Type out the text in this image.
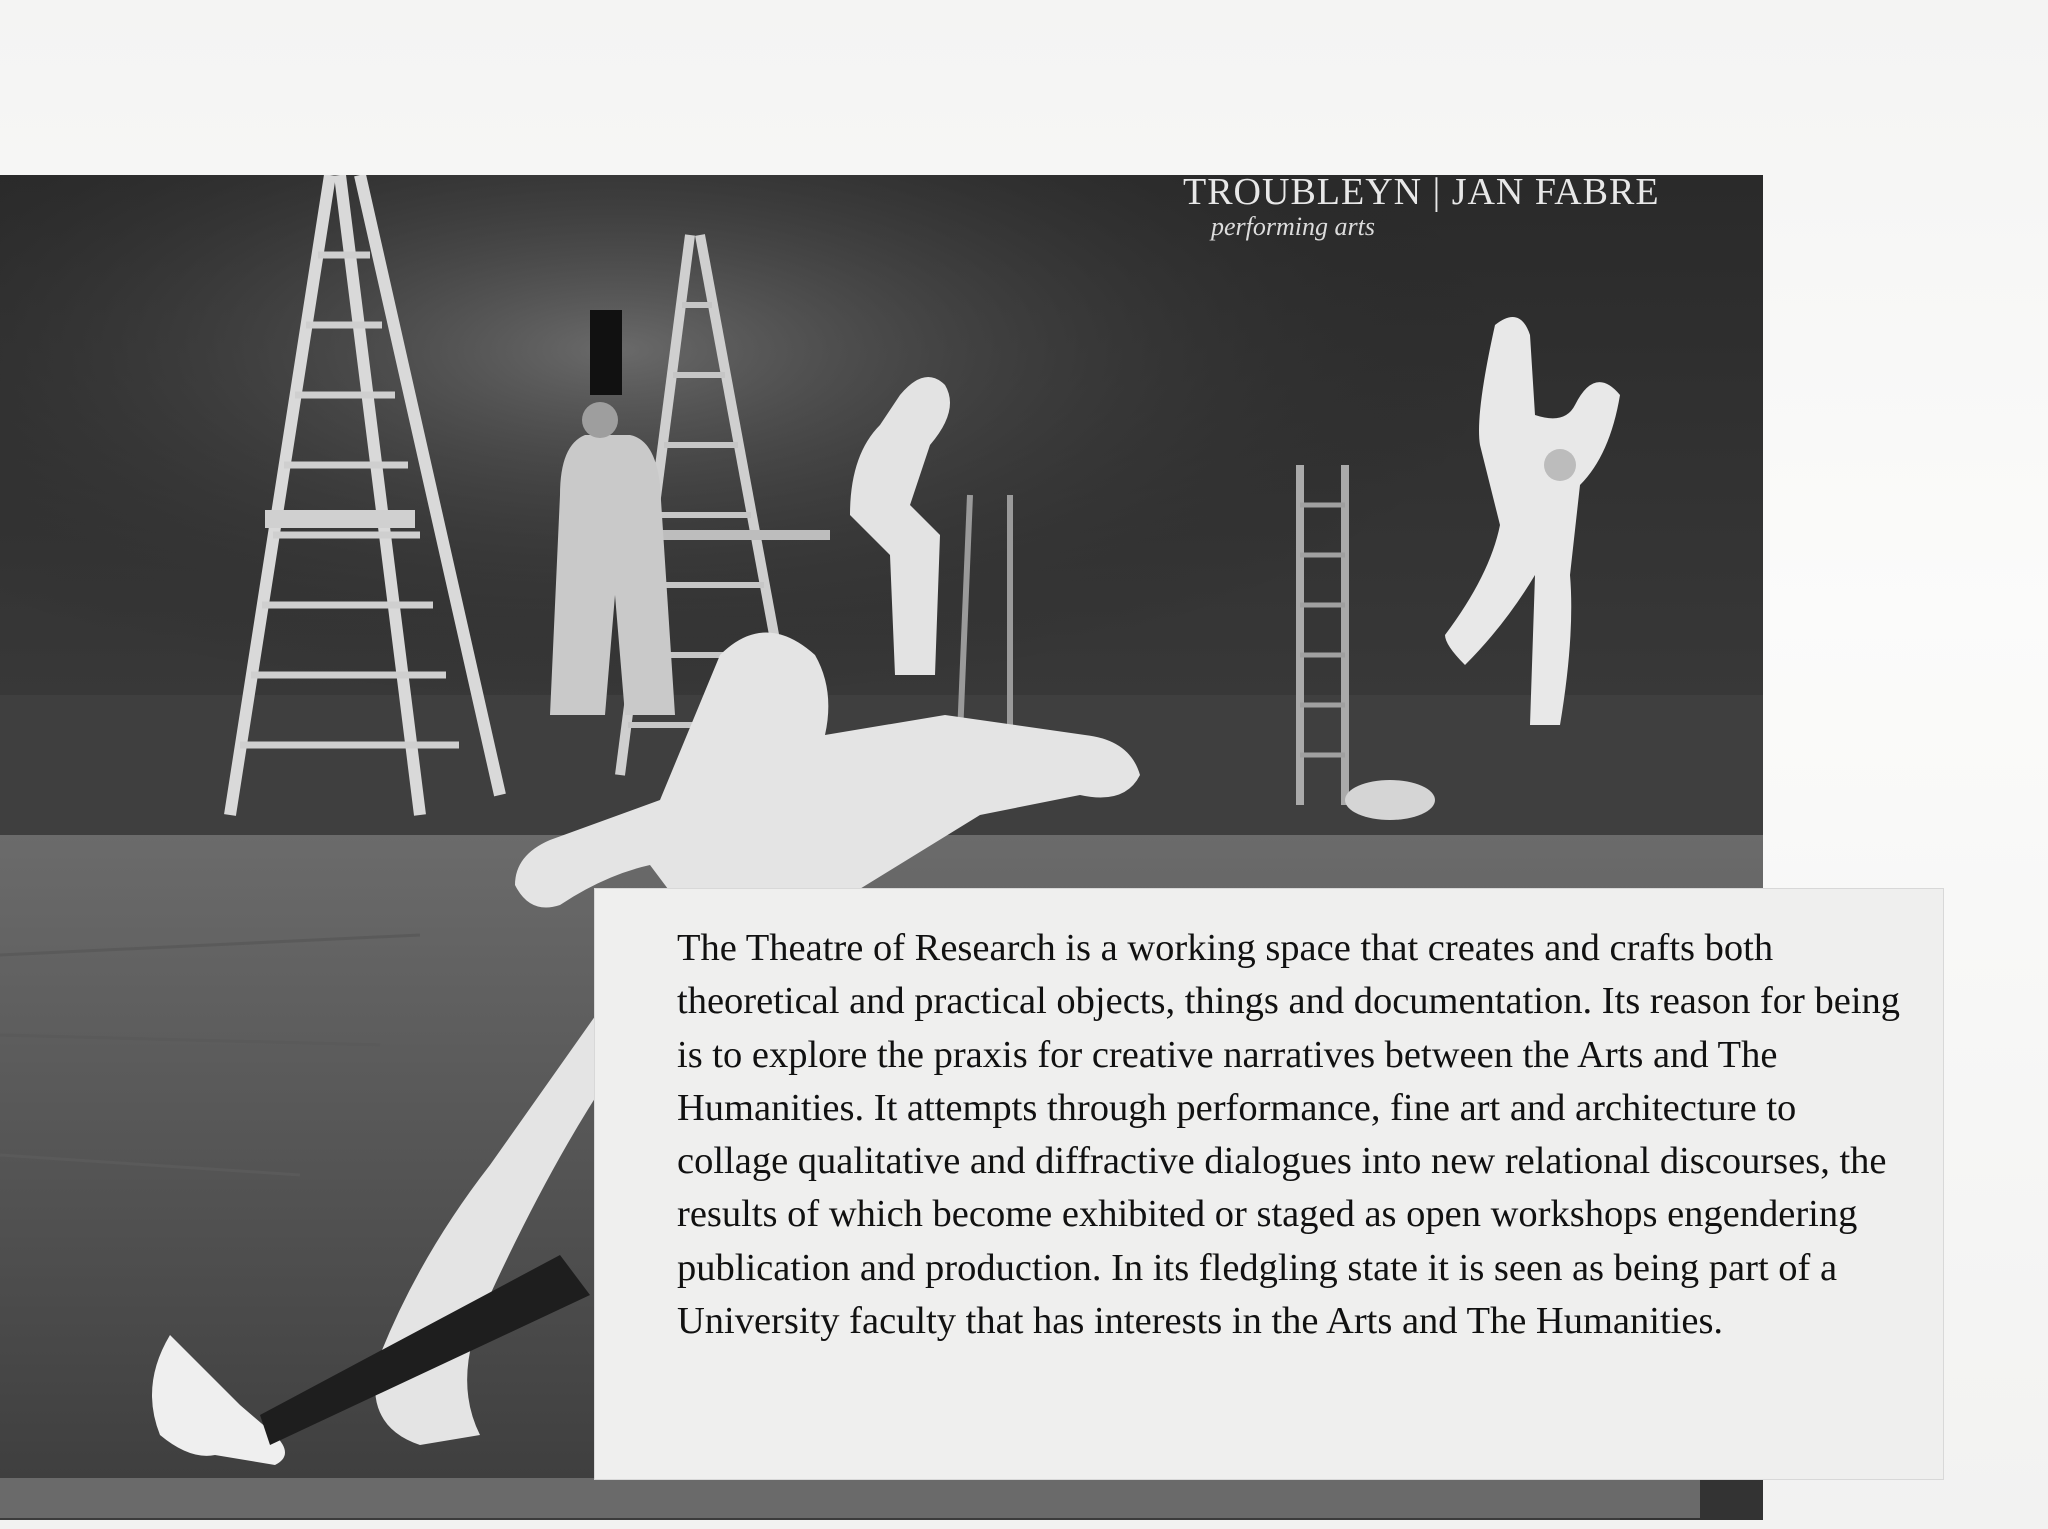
TROUBLEYN | JAN FABRE
performing arts

The Theatre of Research is a working space that creates and crafts both theoretical and practical objects, things and documentation. Its reason for being is to explore the praxis for creative narratives between the Arts and The Humanities. It attempts through performance, fine art and architecture to collage qualitative and diffractive dialogues into new relational discourses, the results of which become exhibited or staged as open workshops engendering publication and production. In its fledgling state it is seen as being part of a University faculty that has interests in the Arts and The Humanities.
